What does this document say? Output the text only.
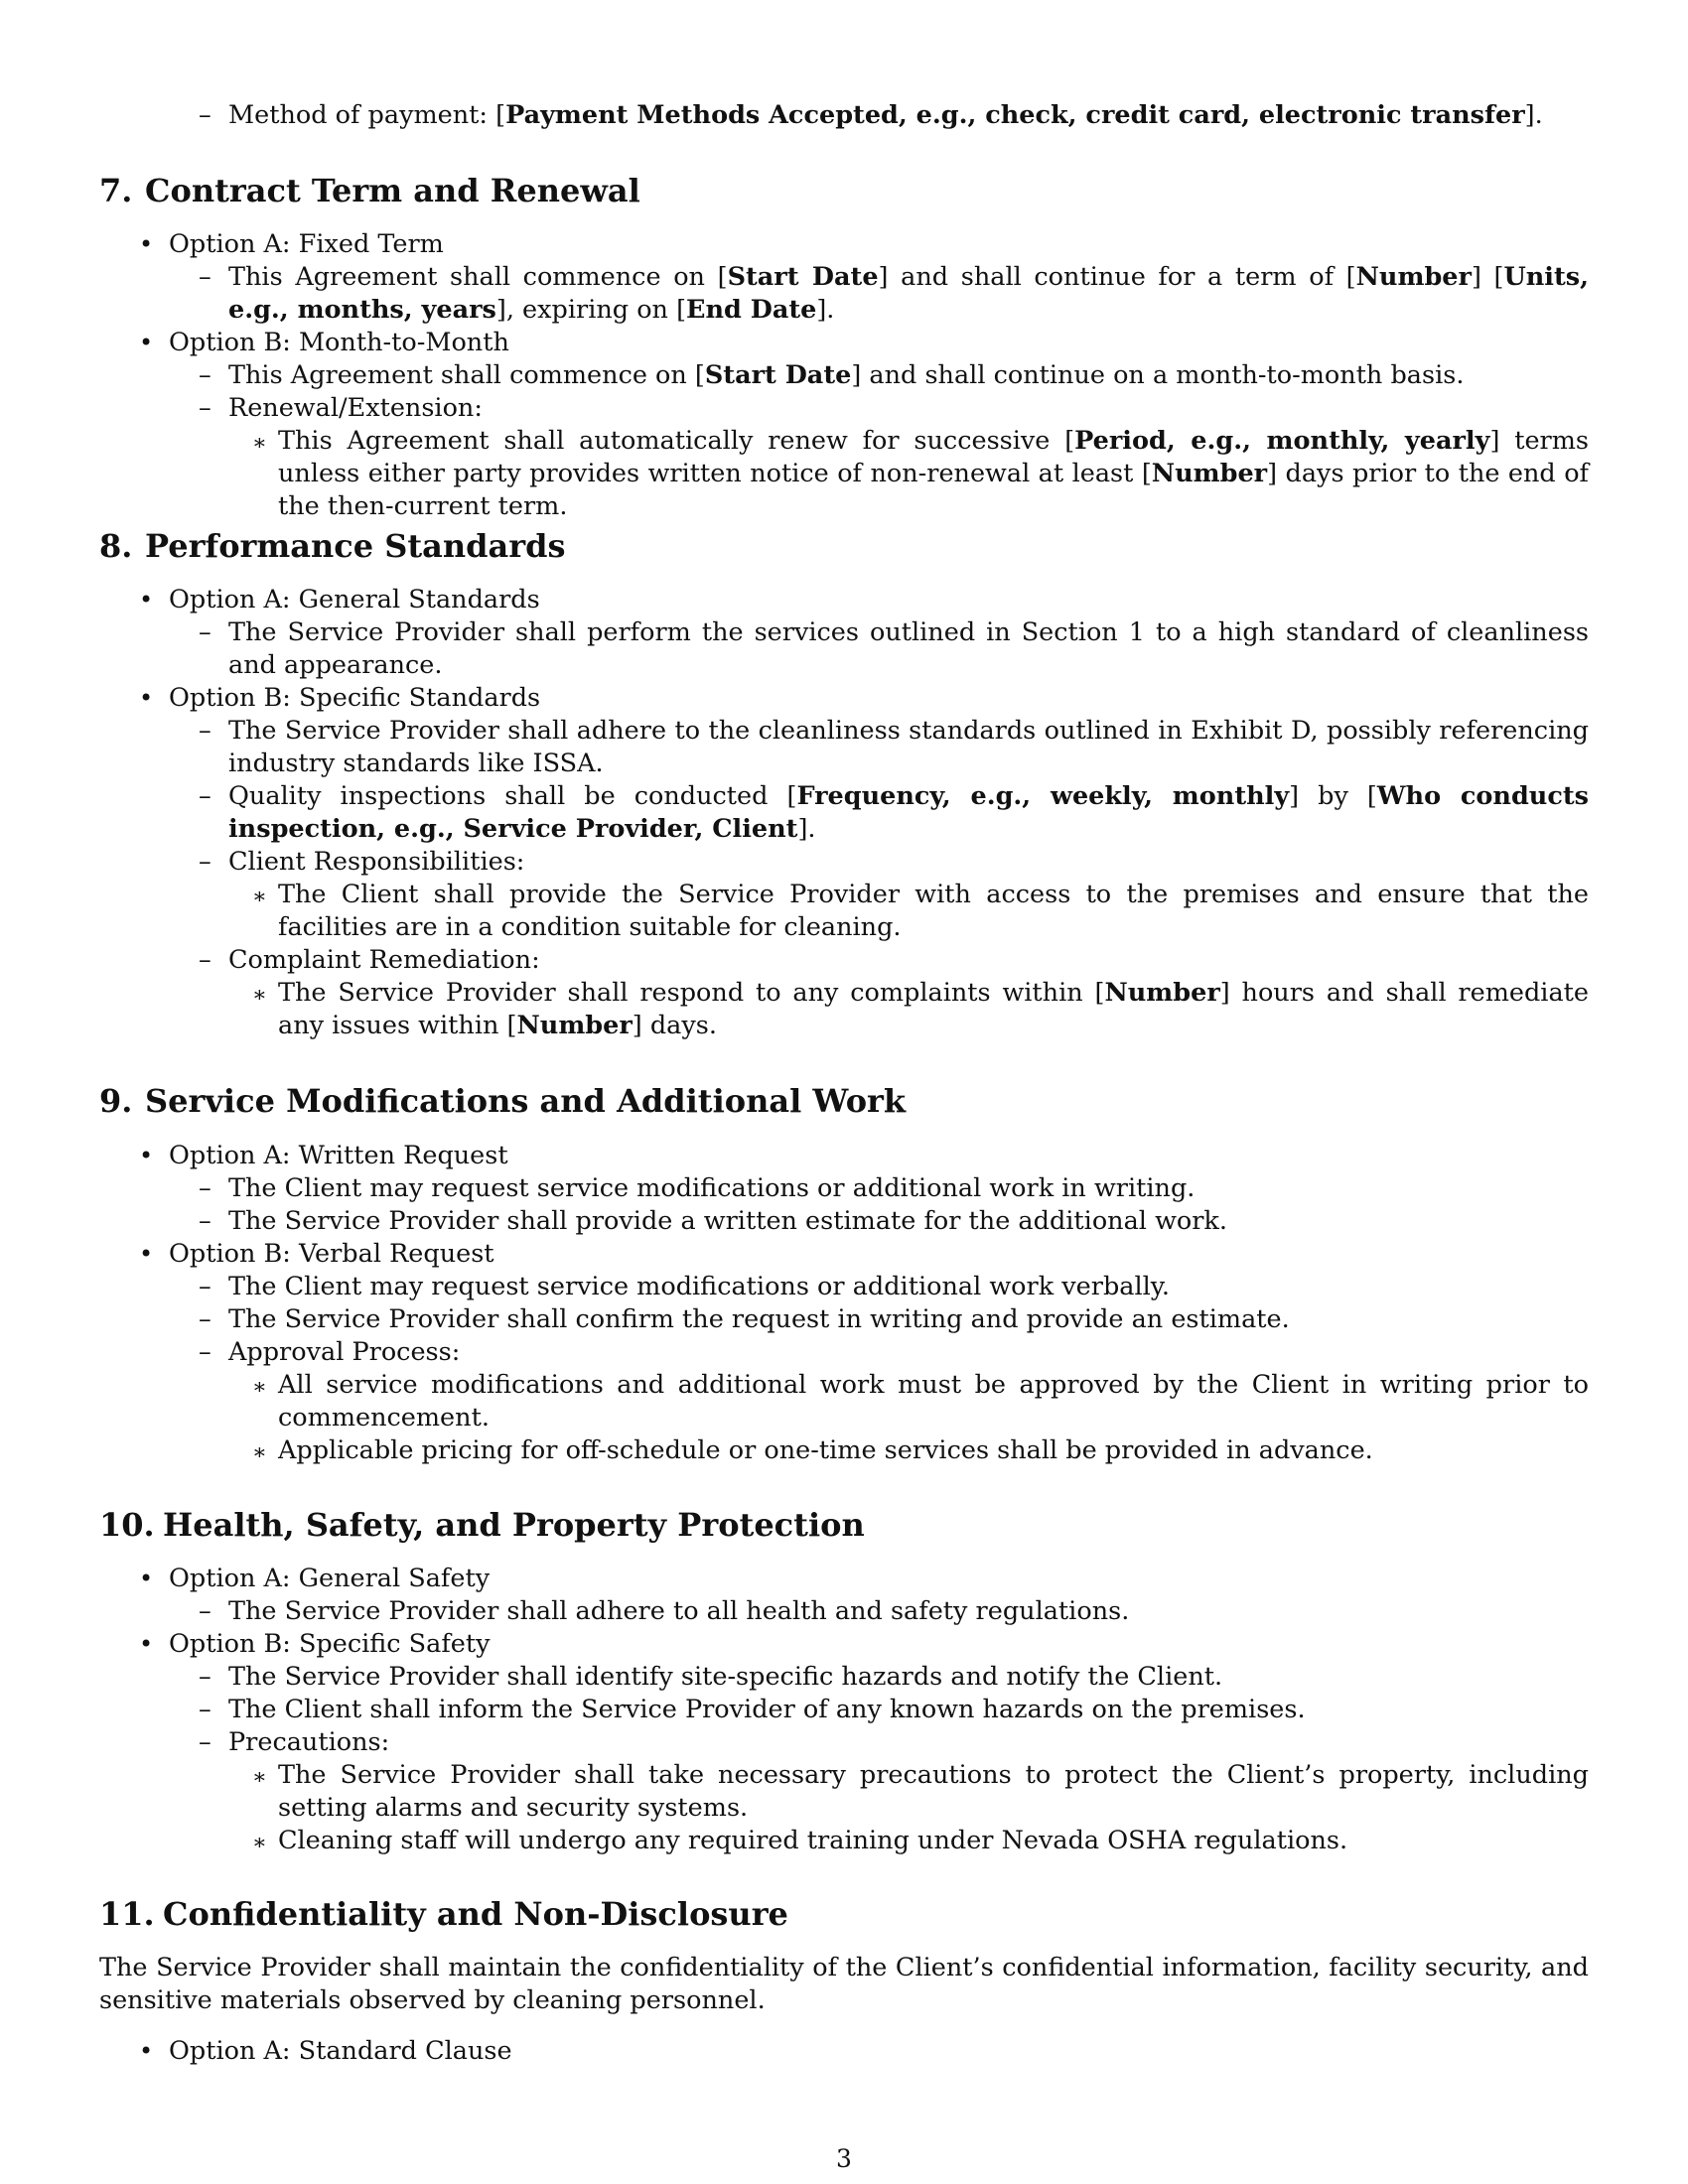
– Method of payment: [Payment Methods Accepted, e.g., check, credit card, electronic transfer].
7. Contract Term and Renewal
• Option A: Fixed Term
– This Agreement shall commence on [Start Date] and shall continue for a term of [Number] [Units, e.g., months, years], expiring on [End Date].
• Option B: Month-to-Month
– This Agreement shall commence on [Start Date] and shall continue on a month-to-month basis.
– Renewal/Extension:
∗ This Agreement shall automatically renew for successive [Period, e.g., monthly, yearly] terms unless either party provides written notice of non-renewal at least [Number] days prior to the end of the then-current term.
8. Performance Standards
• Option A: General Standards
– The Service Provider shall perform the services outlined in Section 1 to a high standard of cleanliness and appearance.
• Option B: Specific Standards
– The Service Provider shall adhere to the cleanliness standards outlined in Exhibit D, possibly referencing industry standards like ISSA.
– Quality inspections shall be conducted [Frequency, e.g., weekly, monthly] by [Who conducts inspection, e.g., Service Provider, Client].
– Client Responsibilities:
∗ The Client shall provide the Service Provider with access to the premises and ensure that the facilities are in a condition suitable for cleaning.
– Complaint Remediation:
∗ The Service Provider shall respond to any complaints within [Number] hours and shall remediate any issues within [Number] days.
9. Service Modifications and Additional Work
• Option A: Written Request
– The Client may request service modifications or additional work in writing.
– The Service Provider shall provide a written estimate for the additional work.
• Option B: Verbal Request
– The Client may request service modifications or additional work verbally.
– The Service Provider shall confirm the request in writing and provide an estimate.
– Approval Process:
∗ All service modifications and additional work must be approved by the Client in writing prior to commencement.
∗ Applicable pricing for off-schedule or one-time services shall be provided in advance.
10. Health, Safety, and Property Protection
• Option A: General Safety
– The Service Provider shall adhere to all health and safety regulations.
• Option B: Specific Safety
– The Service Provider shall identify site-specific hazards and notify the Client.
– The Client shall inform the Service Provider of any known hazards on the premises.
– Precautions:
∗ The Service Provider shall take necessary precautions to protect the Client’s property, including setting alarms and security systems.
∗ Cleaning staff will undergo any required training under Nevada OSHA regulations.
11. Confidentiality and Non-Disclosure
The Service Provider shall maintain the confidentiality of the Client’s confidential information, facility security, and sensitive materials observed by cleaning personnel.
• Option A: Standard Clause
3
